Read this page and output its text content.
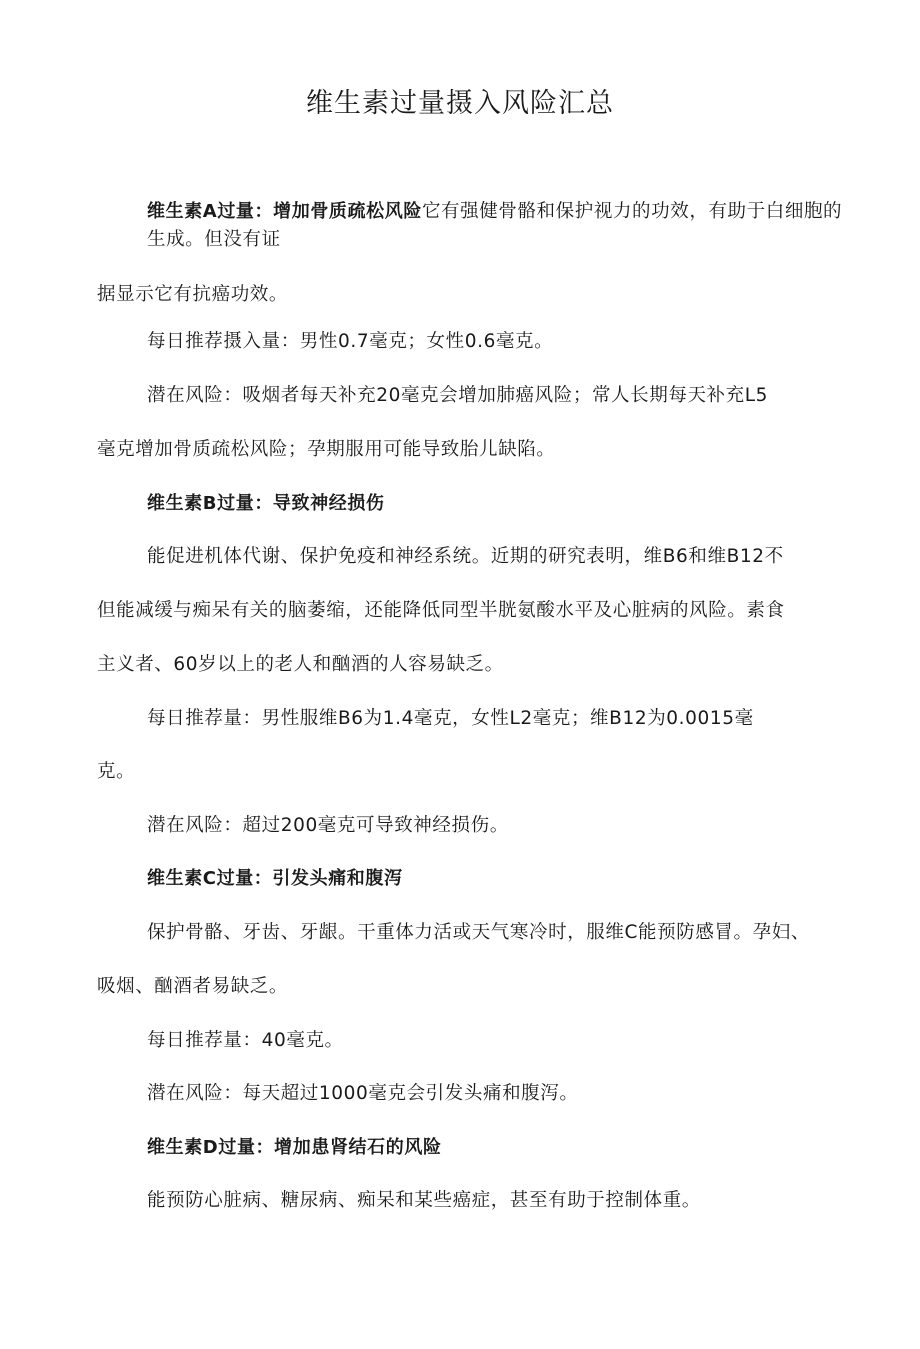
维生素过量摄入风险汇总

维生素A过量：增加骨质疏松风险它有强健骨骼和保护视力的功效，有助于白细胞的生成。但没有证

据显示它有抗癌功效。

每日推荐摄入量：男性0.7毫克；女性0.6毫克。

潜在风险：吸烟者每天补充20毫克会增加肺癌风险；常人长期每天补充L5

毫克增加骨质疏松风险；孕期服用可能导致胎儿缺陷。

维生素B过量：导致神经损伤

能促进机体代谢、保护免疫和神经系统。近期的研究表明，维B6和维B12不

但能减缓与痴呆有关的脑萎缩，还能降低同型半胱氨酸水平及心脏病的风险。素食

主义者、60岁以上的老人和酗酒的人容易缺乏。

每日推荐量：男性服维B6为1.4毫克，女性L2毫克；维B12为0.0015毫

克。

潜在风险：超过200毫克可导致神经损伤。

维生素C过量：引发头痛和腹泻

保护骨骼、牙齿、牙龈。干重体力活或天气寒冷时，服维C能预防感冒。孕妇、

吸烟、酗酒者易缺乏。

每日推荐量：40毫克。

潜在风险：每天超过1000毫克会引发头痛和腹泻。

维生素D过量：增加患肾结石的风险

能预防心脏病、糖尿病、痴呆和某些癌症，甚至有助于控制体重。
